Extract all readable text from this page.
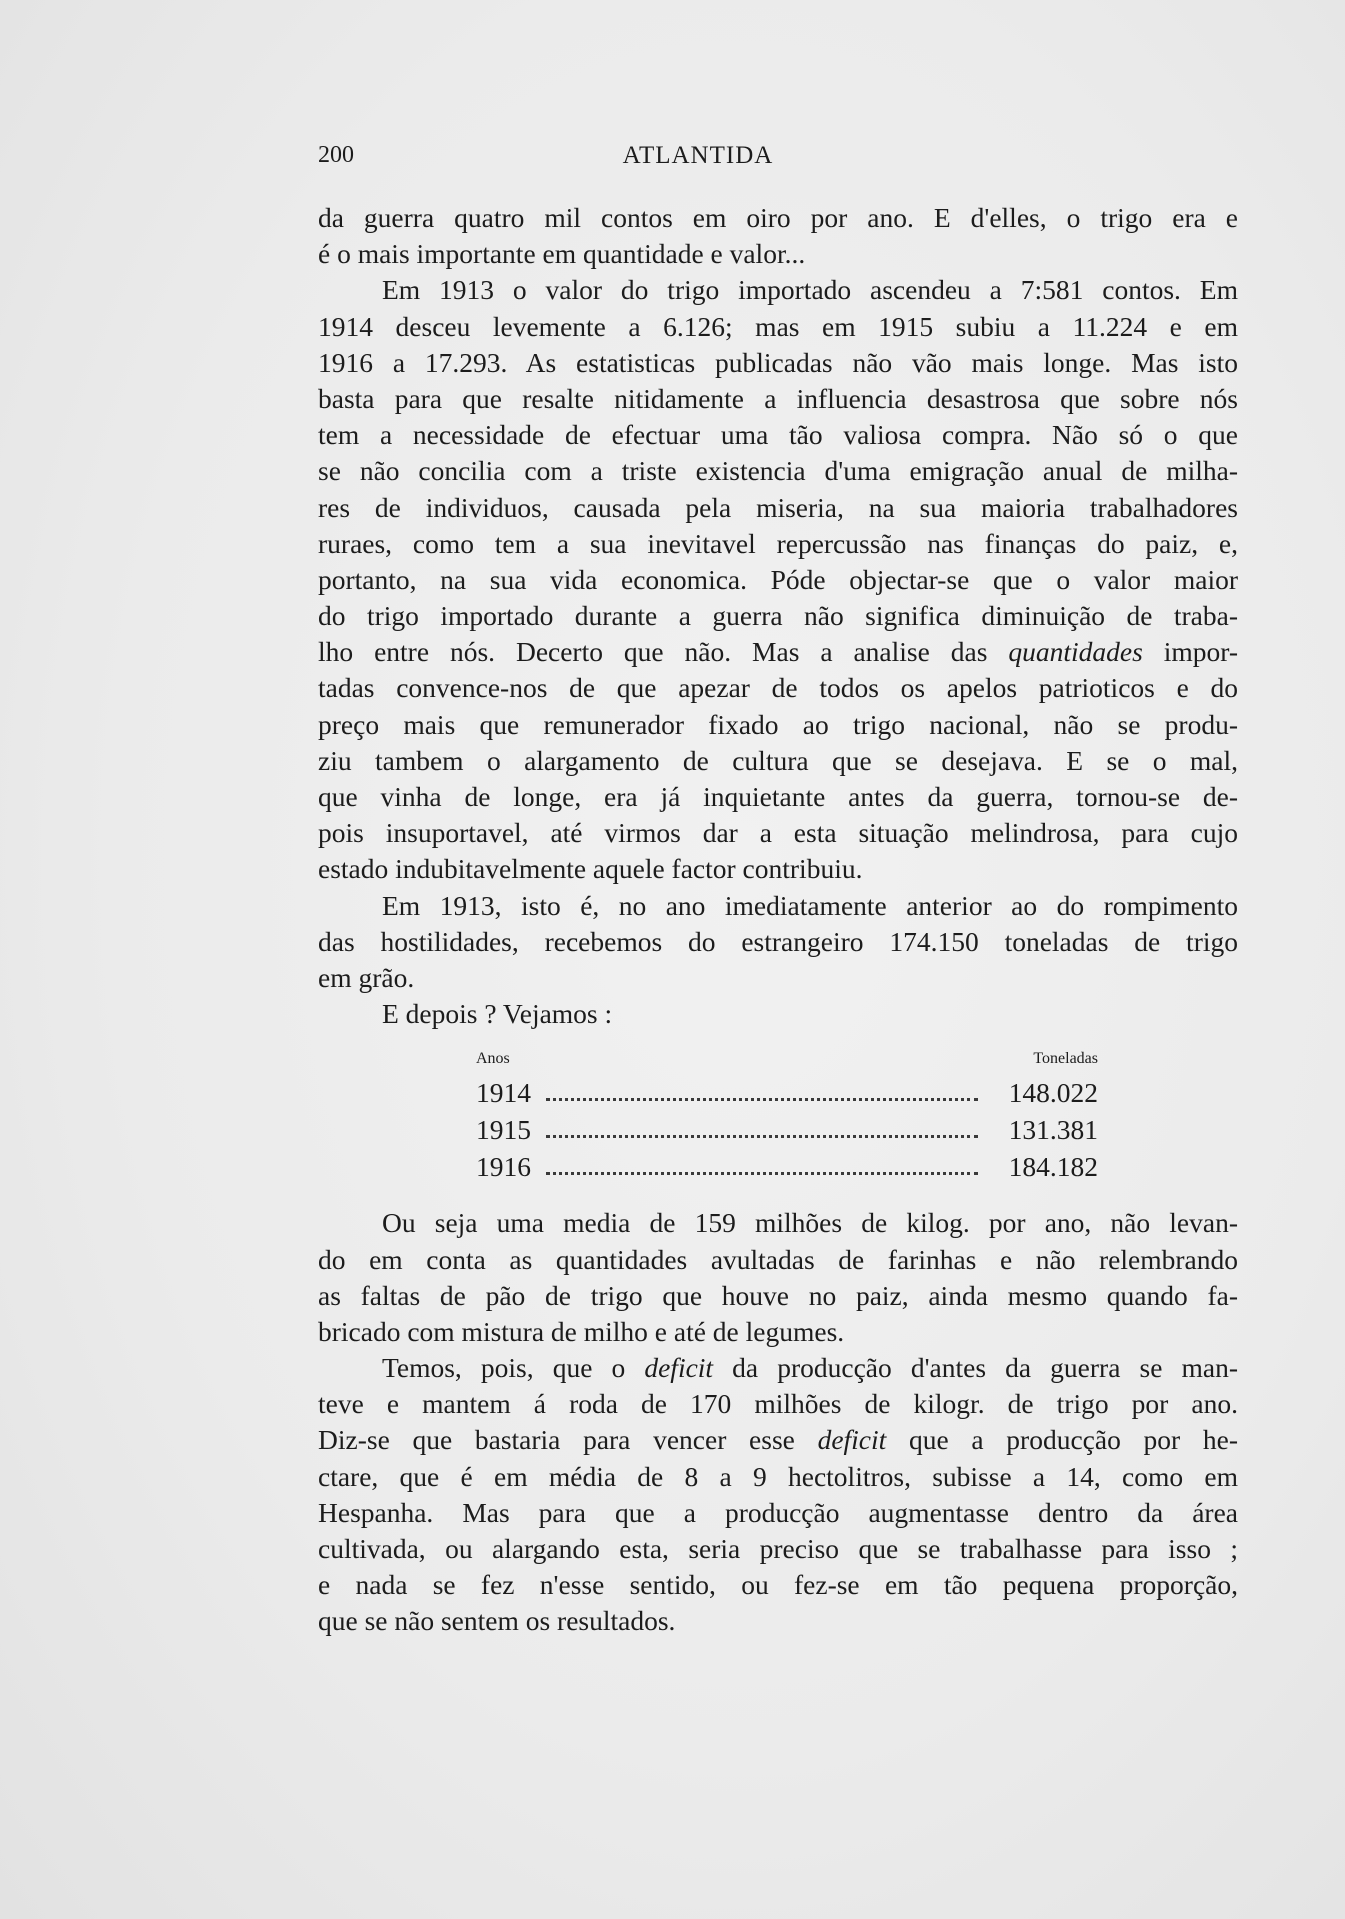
200	ATLANTIDA
da guerra quatro mil contos em oiro por ano. E d'elles, o trigo era e
é o mais importante em quantidade e valor...
Em 1913 o valor do trigo importado ascendeu a 7:581 contos. Em
1914 desceu levemente a 6.126; mas em 1915 subiu a 11.224 e em
1916 a 17.293. As estatisticas publicadas não vão mais longe. Mas isto
basta para que resalte nitidamente a influencia desastrosa que sobre nós
tem a necessidade de efectuar uma tão valiosa compra. Não só o que
se não concilia com a triste existencia d'uma emigração anual de milha-
res de individuos, causada pela miseria, na sua maioria trabalhadores
ruraes, como tem a sua inevitavel repercussão nas finanças do paiz, e,
portanto, na sua vida economica. Póde objectar-se que o valor maior
do trigo importado durante a guerra não significa diminuição de traba-
lho entre nós. Decerto que não. Mas a analise das quantidades impor-
tadas convence-nos de que apezar de todos os apelos patrioticos e do
preço mais que remunerador fixado ao trigo nacional, não se produ-
ziu tambem o alargamento de cultura que se desejava. E se o mal,
que vinha de longe, era já inquietante antes da guerra, tornou-se de-
pois insuportavel, até virmos dar a esta situação melindrosa, para cujo
estado indubitavelmente aquele factor contribuiu.
Em 1913, isto é, no ano imediatamente anterior ao do rompimento
das hostilidades, recebemos do estrangeiro 174.150 toneladas de trigo
em grão.
E depois ? Vejamos :
Anos	Toneladas
1914	148.022
1915	131.381
1916	184.182
Ou seja uma media de 159 milhões de kilog. por ano, não levan-
do em conta as quantidades avultadas de farinhas e não relembrando
as faltas de pão de trigo que houve no paiz, ainda mesmo quando fa-
bricado com mistura de milho e até de legumes.
Temos, pois, que o deficit da producção d'antes da guerra se man-
teve e mantem á roda de 170 milhões de kilogr. de trigo por ano.
Diz-se que bastaria para vencer esse deficit que a producção por he-
ctare, que é em média de 8 a 9 hectolitros, subisse a 14, como em
Hespanha. Mas para que a producção augmentasse dentro da área
cultivada, ou alargando esta, seria preciso que se trabalhasse para isso ;
e nada se fez n'esse sentido, ou fez-se em tão pequena proporção,
que se não sentem os resultados.
